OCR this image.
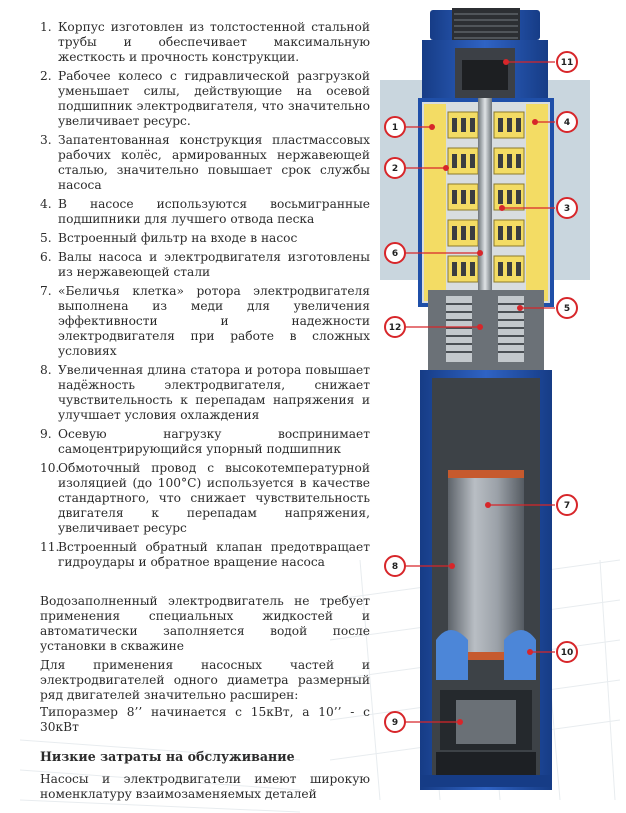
1. Корпус изготовлен из толстостенной стальной трубы и обеспечивает максимальную жесткость и прочность конструкции.
2. Рабочее колесо с гидравлической разгрузкой уменьшает силы, действующие на осевой подшипник электродвигателя, что значительно увеличивает ресурс.
3. Запатентованная конструкция пластмассовых рабочих колёс, армированных нержавеющей сталью, значительно повышает срок службы насоса
4. В насосе используются восьмигранные подшипники для лучшего отвода песка
5. Встроенный фильтр на входе в насос
6. Валы насоса и электродвигателя изготовлены из нержавеющей стали
7. «Беличья клетка» ротора электродвигателя выполнена из меди для увеличения эффективности и надежности электродвигателя при работе в сложных условиях
8. Увеличенная длина статора и ротора повышает надёжность электродвигателя, снижает чувствительность к перепадам напряжения и улучшает условия охлаждения
9. Осевую нагрузку воспринимает самоцентрирующийся упорный подшипник
10.
Обмоточный провод с высокотемпературной изоляцией (до 100°С) используется в качестве стандартного, что снижает чувствительность двигателя к перепадам напряжения, увеличивает ресурс
11.
Встроенный обратный клапан предотвращает гидроудары и обратное вращение насоса
Водозаполненный электродвигатель не требует применения специальных жидкостей и автоматически заполняется водой после установки в скважине
Для применения насосных частей и электродвигателей одного диаметра размерный ряд двигателей значительно расширен:
Типоразмер 8’’ начинается с 15кВт, а 10’’ - с 30кВт
Низкие затраты на обслуживание
Насосы и электродвигатели имеют широкую номенклатуру взаимозаменяемых деталей
11
1	4
2
3
6
5
12
7
8
10
9
